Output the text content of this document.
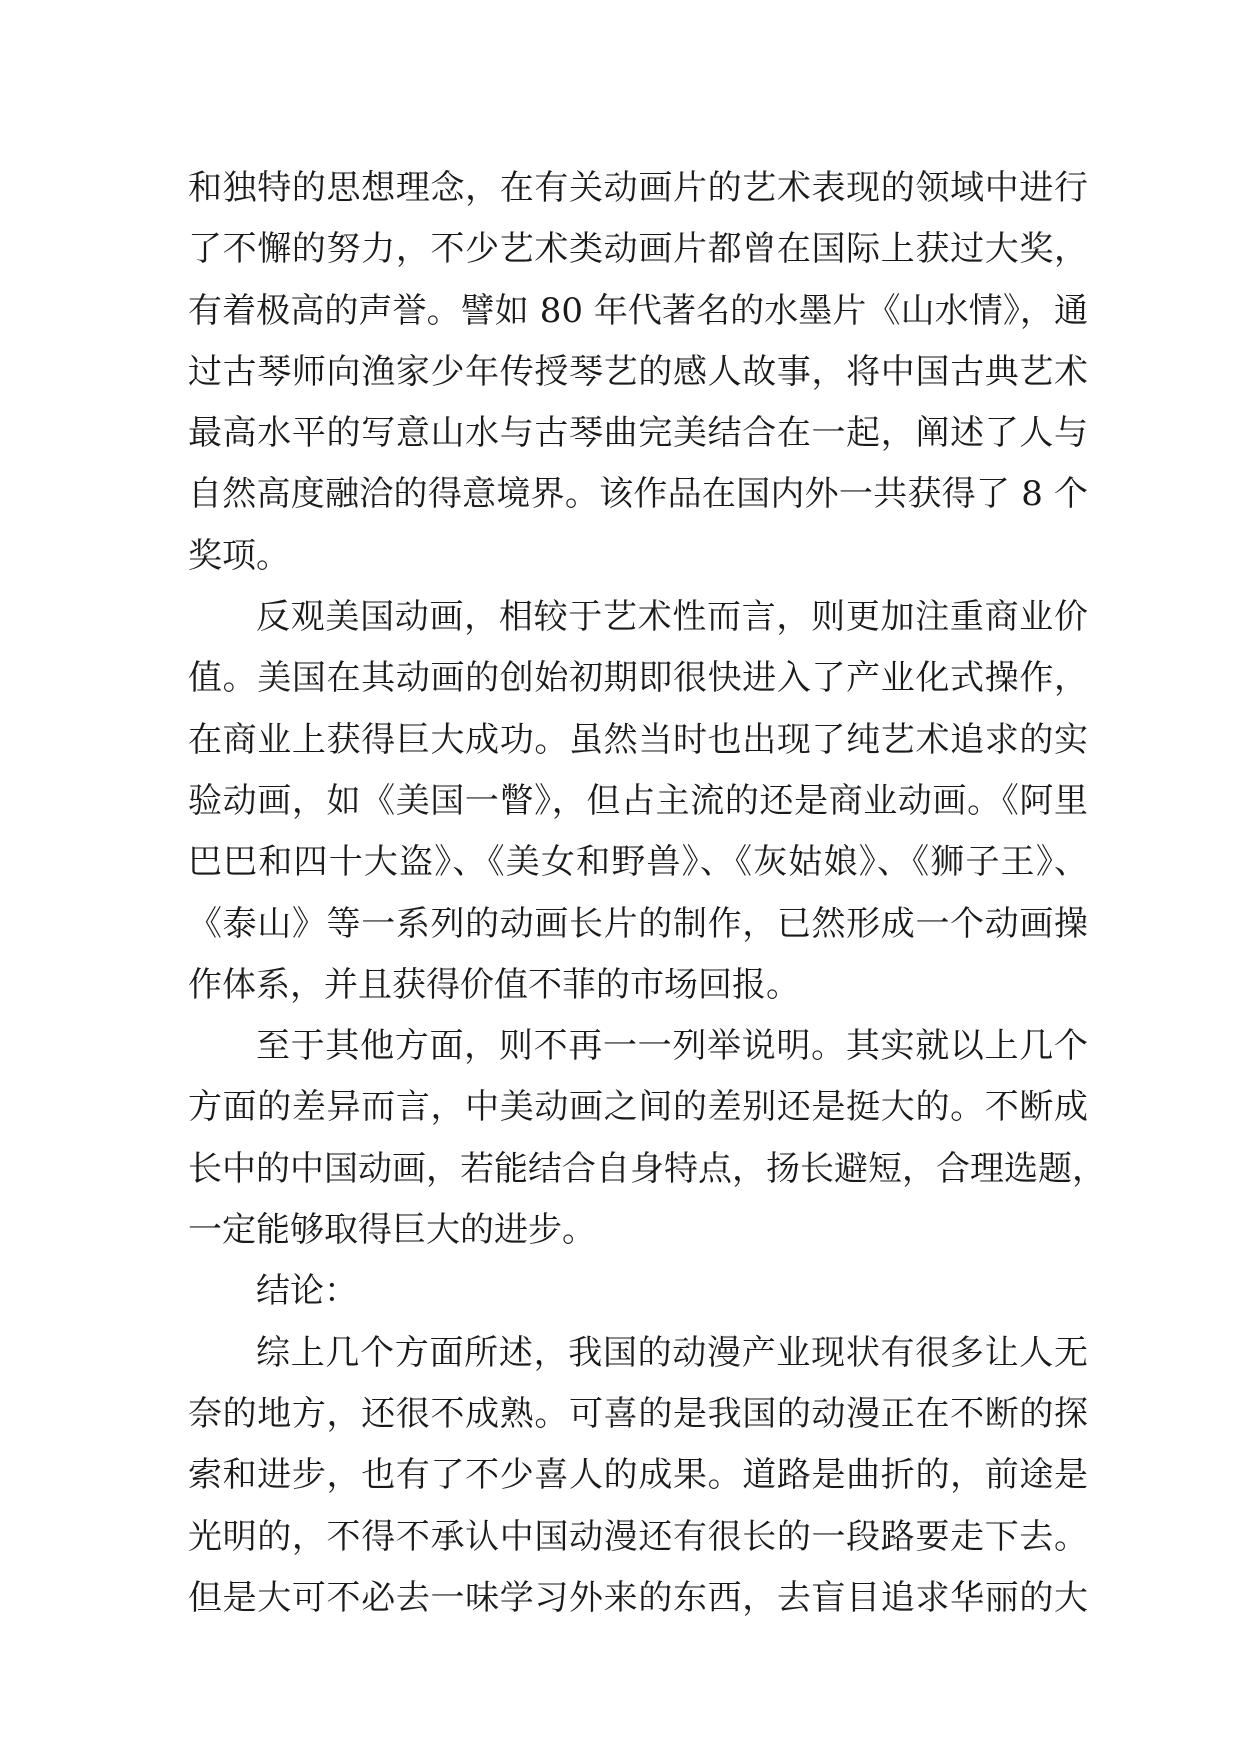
和独特的思想理念，在有关动画片的艺术表现的领域中进行
了不懈的努力，不少艺术类动画片都曾在国际上获过大奖，
有着极高的声誉。譬如 80 年代著名的水墨片《山水情》，通
过古琴师向渔家少年传授琴艺的感人故事，将中国古典艺术
最高水平的写意山水与古琴曲完美结合在一起，阐述了人与
自然高度融洽的得意境界。该作品在国内外一共获得了 8 个
奖项。
反观美国动画，相较于艺术性而言，则更加注重商业价
值。美国在其动画的创始初期即很快进入了产业化式操作，
在商业上获得巨大成功。虽然当时也出现了纯艺术追求的实
验动画，如《美国一瞥》，但占主流的还是商业动画。《阿里
巴巴和四十大盗》、《美女和野兽》、《灰姑娘》、《狮子王》、
《泰山》等一系列的动画长片的制作，已然形成一个动画操
作体系，并且获得价值不菲的市场回报。
至于其他方面，则不再一一列举说明。其实就以上几个
方面的差异而言，中美动画之间的差别还是挺大的。不断成
长中的中国动画，若能结合自身特点，扬长避短，合理选题，
一定能够取得巨大的进步。
结论：
综上几个方面所述，我国的动漫产业现状有很多让人无
奈的地方，还很不成熟。可喜的是我国的动漫正在不断的探
索和进步，也有了不少喜人的成果。道路是曲折的，前途是
光明的，不得不承认中国动漫还有很长的一段路要走下去。
但是大可不必去一味学习外来的东西，去盲目追求华丽的大
